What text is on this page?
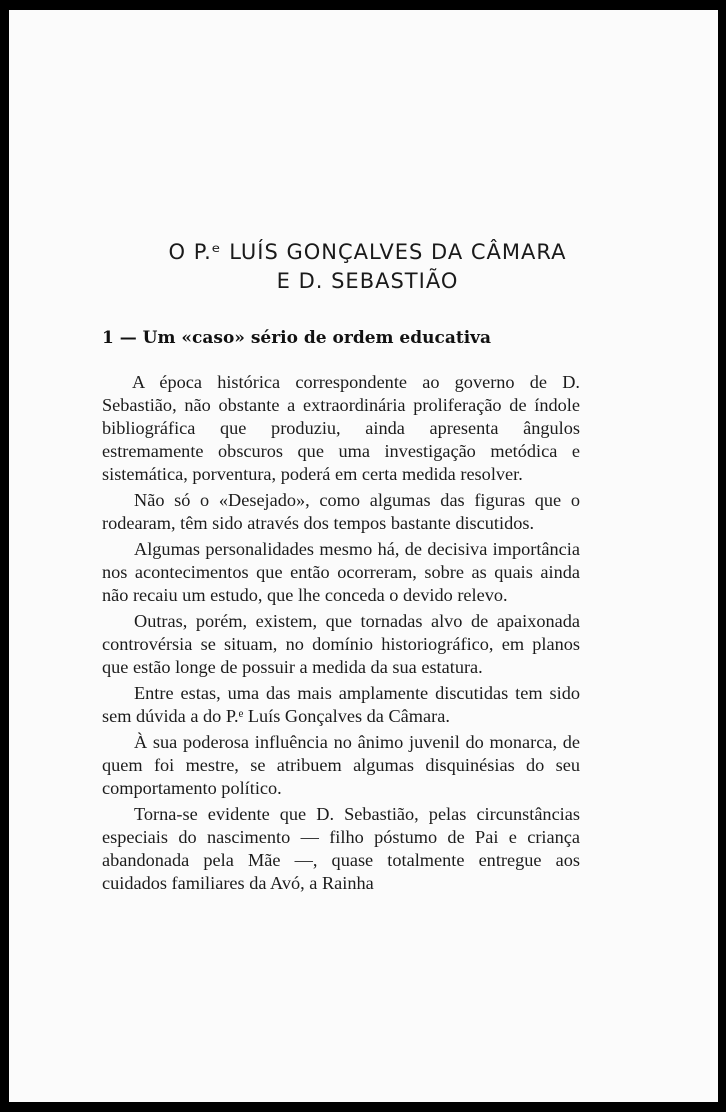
O P.ᵉ LUÍS GONÇALVES DA CÂMARA
E D. SEBASTIÃO
1 — Um «caso» sério de ordem educativa

A época histórica correspondente ao governo de D. Sebastião, não obstante a extraordinária proliferação de índole bibliográfica que produziu, ainda apresenta ângulos estremamente obscuros que uma investigação metódica e sistemática, porventura, poderá em certa medida resolver.

Não só o «Desejado», como algumas das figuras que o rodearam, têm sido através dos tempos bastante discutidos.

Algumas personalidades mesmo há, de decisiva importância nos acontecimentos que então ocorreram, sobre as quais ainda não recaiu um estudo, que lhe conceda o devido relevo.

Outras, porém, existem, que tornadas alvo de apaixonada controvérsia se situam, no domínio historiográfico, em planos que estão longe de possuir a medida da sua estatura.

Entre estas, uma das mais amplamente discutidas tem sido sem dúvida a do P.ᵉ Luís Gonçalves da Câmara.

À sua poderosa influência no ânimo juvenil do monarca, de quem foi mestre, se atribuem algumas disquinésias do seu comportamento político.

Torna-se evidente que D. Sebastião, pelas circunstâncias especiais do nascimento — filho póstumo de Pai e criança abandonada pela Mãe —, quase totalmente entregue aos cuidados familiares da Avó, a Rainha
